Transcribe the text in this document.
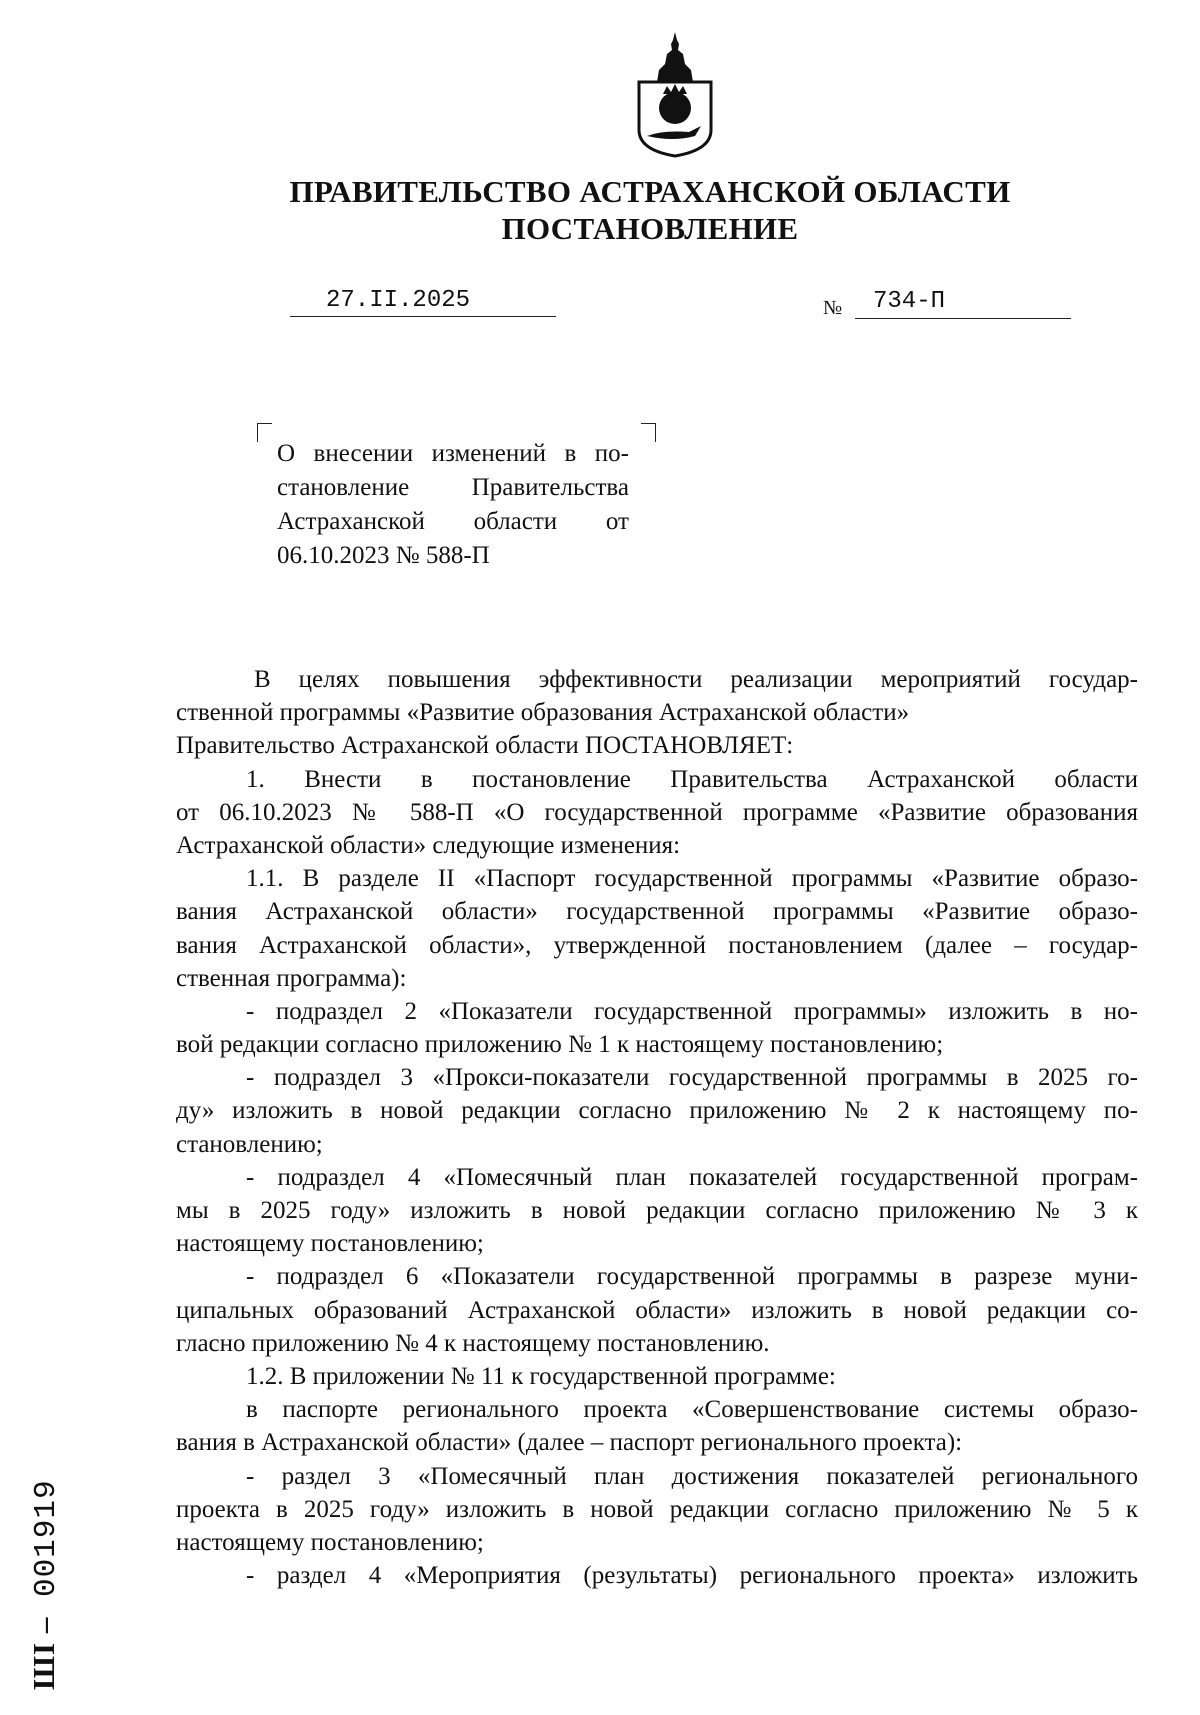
ПРАВИТЕЛЬСТВО АСТРАХАНСКОЙ ОБЛАСТИ
ПОСТАНОВЛЕНИЕ
27.II.2025	№ 734-П
О внесении изменений в по-
становление Правительства
Астраханской области от
06.10.2023 № 588-П
В целях повышения эффективности реализации мероприятий государ-
ственной программы «Развитие образования Астраханской области»
Правительство Астраханской области ПОСТАНОВЛЯЕТ:
1. Внести в постановление Правительства Астраханской области
от 06.10.2023 № 588-П «О государственной программе «Развитие образования
Астраханской области» следующие изменения:
1.1. В разделе II «Паспорт государственной программы «Развитие образо-
вания Астраханской области» государственной программы «Развитие образо-
вания Астраханской области», утвержденной постановлением (далее – государ-
ственная программа):
- подраздел 2 «Показатели государственной программы» изложить в но-
вой редакции согласно приложению № 1 к настоящему постановлению;
- подраздел 3 «Прокси-показатели государственной программы в 2025 го-
ду» изложить в новой редакции согласно приложению № 2 к настоящему по-
становлению;
- подраздел 4 «Помесячный план показателей государственной програм-
мы в 2025 году» изложить в новой редакции согласно приложению № 3 к
настоящему постановлению;
- подраздел 6 «Показатели государственной программы в разрезе муни-
ципальных образований Астраханской области» изложить в новой редакции со-
гласно приложению № 4 к настоящему постановлению.
1.2. В приложении № 11 к государственной программе:
в паспорте регионального проекта «Совершенствование системы образо-
вания в Астраханской области» (далее – паспорт регионального проекта):
- раздел 3 «Помесячный план достижения показателей регионального
проекта в 2025 году» изложить в новой редакции согласно приложению № 5 к
настоящему постановлению;
- раздел 4 «Мероприятия (результаты) регионального проекта» изложить
ШІ – 001919
